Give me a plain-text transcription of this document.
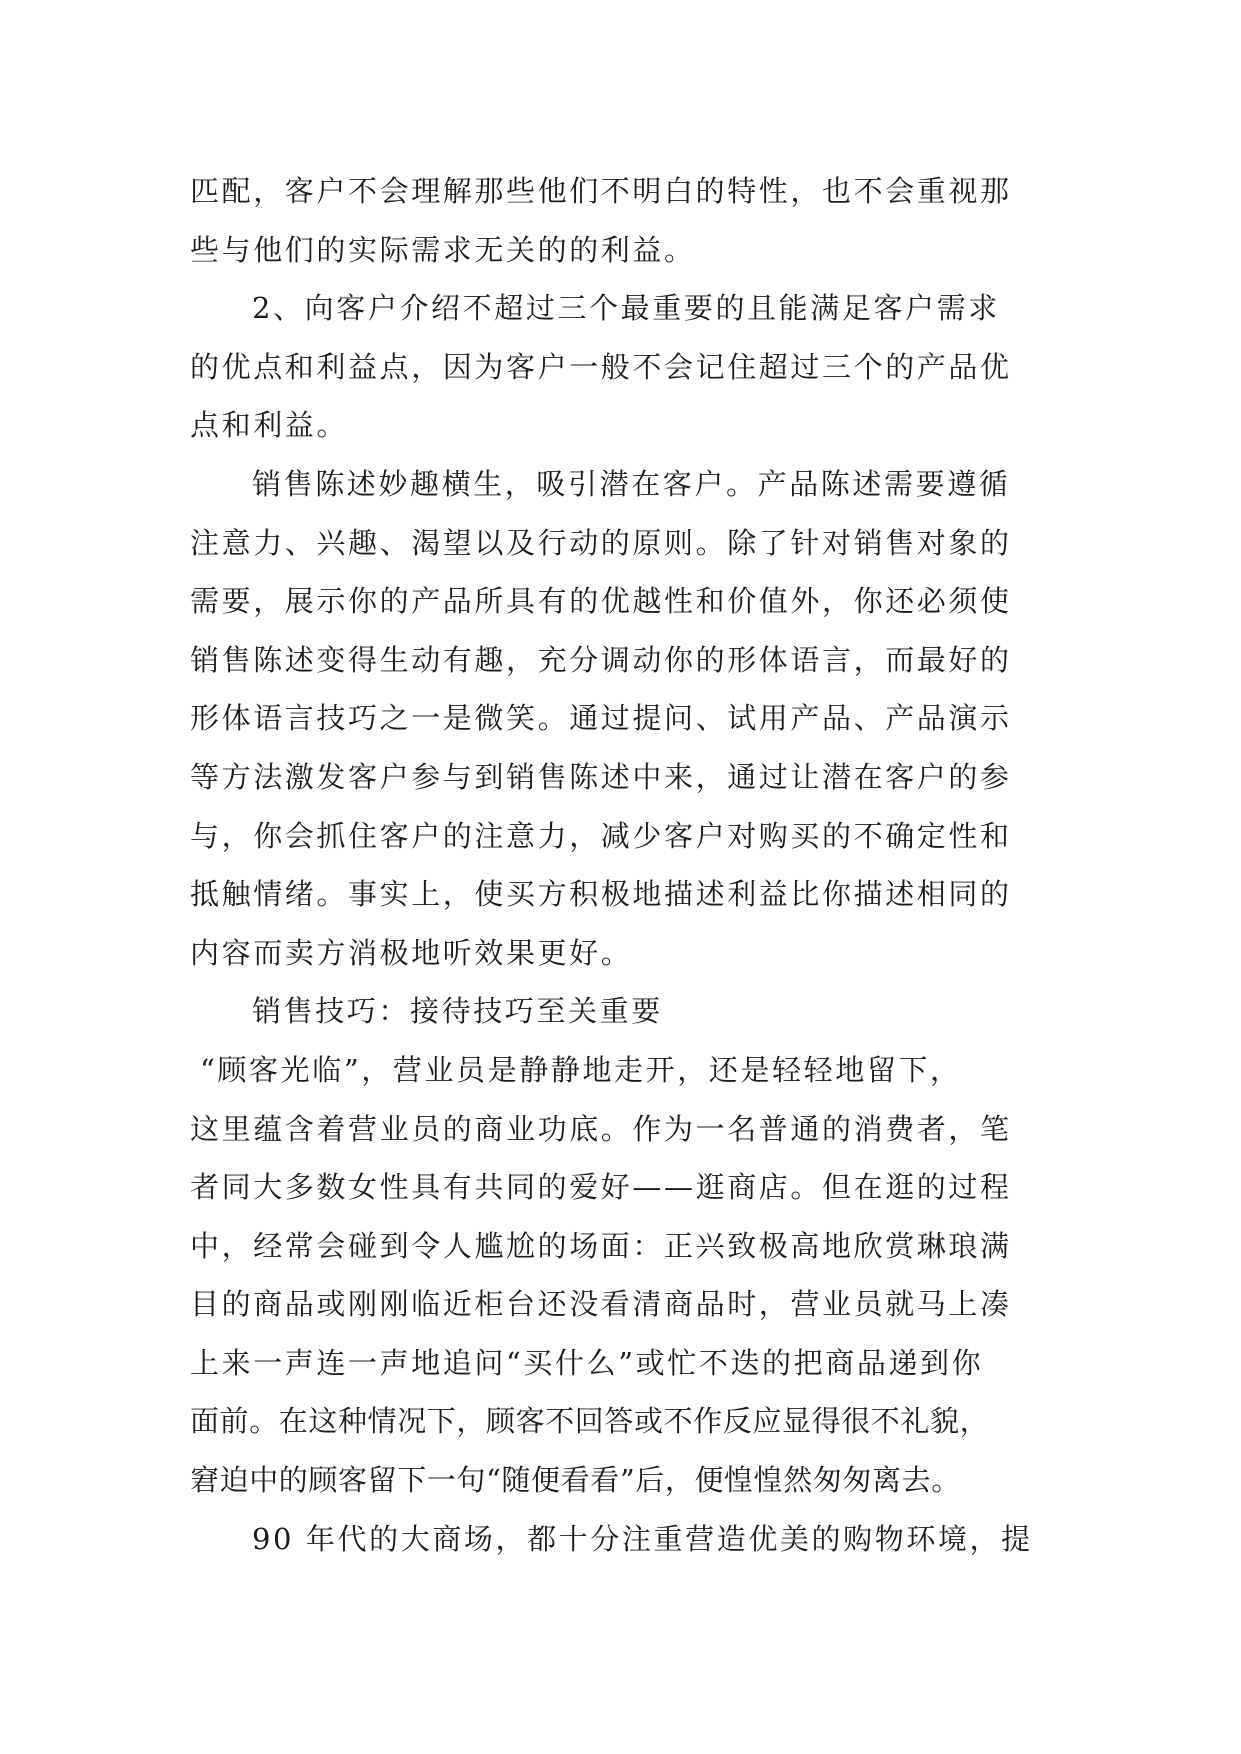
匹配，客户不会理解那些他们不明白的特性，也不会重视那
些与他们的实际需求无关的的利益。
2、向客户介绍不超过三个最重要的且能满足客户需求
的优点和利益点，因为客户一般不会记住超过三个的产品优
点和利益。
销售陈述妙趣横生，吸引潜在客户。产品陈述需要遵循
注意力、兴趣、渴望以及行动的原则。除了针对销售对象的
需要，展示你的产品所具有的优越性和价值外，你还必须使
销售陈述变得生动有趣，充分调动你的形体语言，而最好的
形体语言技巧之一是微笑。通过提问、试用产品、产品演示
等方法激发客户参与到销售陈述中来，通过让潜在客户的参
与，你会抓住客户的注意力，减少客户对购买的不确定性和
抵触情绪。事实上，使买方积极地描述利益比你描述相同的
内容而卖方消极地听效果更好。
销售技巧：接待技巧至关重要
“顾客光临”，营业员是静静地走开，还是轻轻地留下，
这里蕴含着营业员的商业功底。作为一名普通的消费者，笔
者同大多数女性具有共同的爱好——逛商店。但在逛的过程
中，经常会碰到令人尴尬的场面：正兴致极高地欣赏琳琅满
目的商品或刚刚临近柜台还没看清商品时，营业员就马上凑
上来一声连一声地追问“买什么”或忙不迭的把商品递到你
面前。在这种情况下，顾客不回答或不作反应显得很不礼貌，
窘迫中的顾客留下一句“随便看看”后，便惶惶然匆匆离去。
90 年代的大商场，都十分注重营造优美的购物环境，提
